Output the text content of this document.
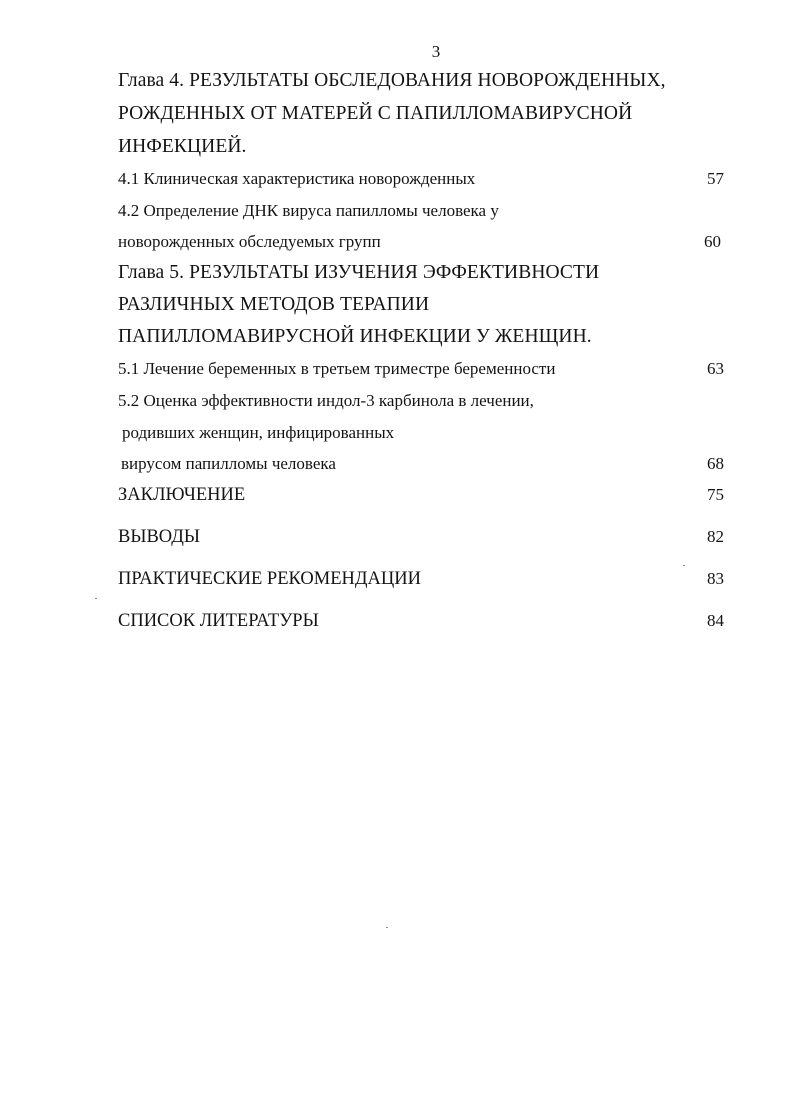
3
Глава 4. РЕЗУЛЬТАТЫ ОБСЛЕДОВАНИЯ НОВОРОЖДЕННЫХ,
РОЖДЕННЫХ ОТ МАТЕРЕЙ С ПАПИЛЛОМАВИРУСНОЙ
ИНФЕКЦИЕЙ.
4.1 Клиническая характеристика новорожденных	57
4.2 Определение ДНК вируса папилломы человека у
новорожденных обследуемых групп	60
Глава 5. РЕЗУЛЬТАТЫ ИЗУЧЕНИЯ ЭФФЕКТИВНОСТИ
РАЗЛИЧНЫХ МЕТОДОВ ТЕРАПИИ
ПАПИЛЛОМАВИРУСНОЙ ИНФЕКЦИИ У ЖЕНЩИН.
5.1 Лечение беременных в третьем триместре беременности	63
5.2 Оценка эффективности индол-3 карбинола в лечении,
родивших женщин, инфицированных
вирусом папилломы человека	68
ЗАКЛЮЧЕНИЕ	75
ВЫВОДЫ	82
ПРАКТИЧЕСКИЕ РЕКОМЕНДАЦИИ	83
СПИСОК ЛИТЕРАТУРЫ	84
